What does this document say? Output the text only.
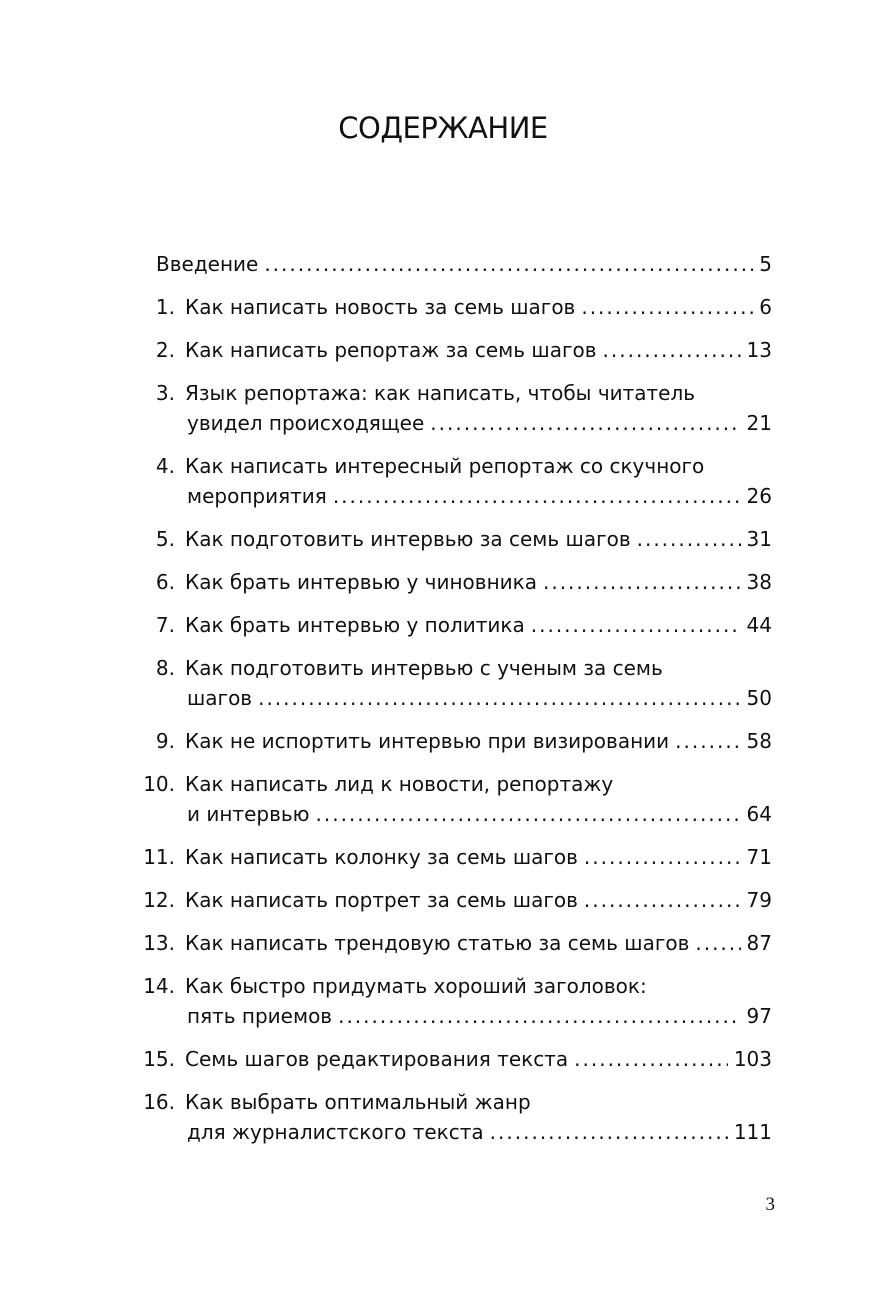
СОДЕРЖАНИЕ
Введение .....	5
1. Как написать новость за семь шагов .....	6
2. Как написать репортаж за семь шагов .....	13
3. Язык репортажа: как написать, чтобы читатель
увидел происходящее .....	21
4. Как написать интересный репортаж со скучного
мероприятия .....	26
5. Как подготовить интервью за семь шагов .....	31
6. Как брать интервью у чиновника .....	38
7. Как брать интервью у политика .....	44
8. Как подготовить интервью с ученым за семь
шагов .....	50
9. Как не испортить интервью при визировании .....	58
10. Как написать лид к новости, репортажу
и интервью .....	64
11. Как написать колонку за семь шагов .....	71
12. Как написать портрет за семь шагов .....	79
13. Как написать трендовую статью за семь шагов .....	87
14. Как быстро придумать хороший заголовок:
пять приемов .....	97
15. Семь шагов редактирования текста .....	103
16. Как выбрать оптимальный жанр
для журналистского текста .....	111
3
